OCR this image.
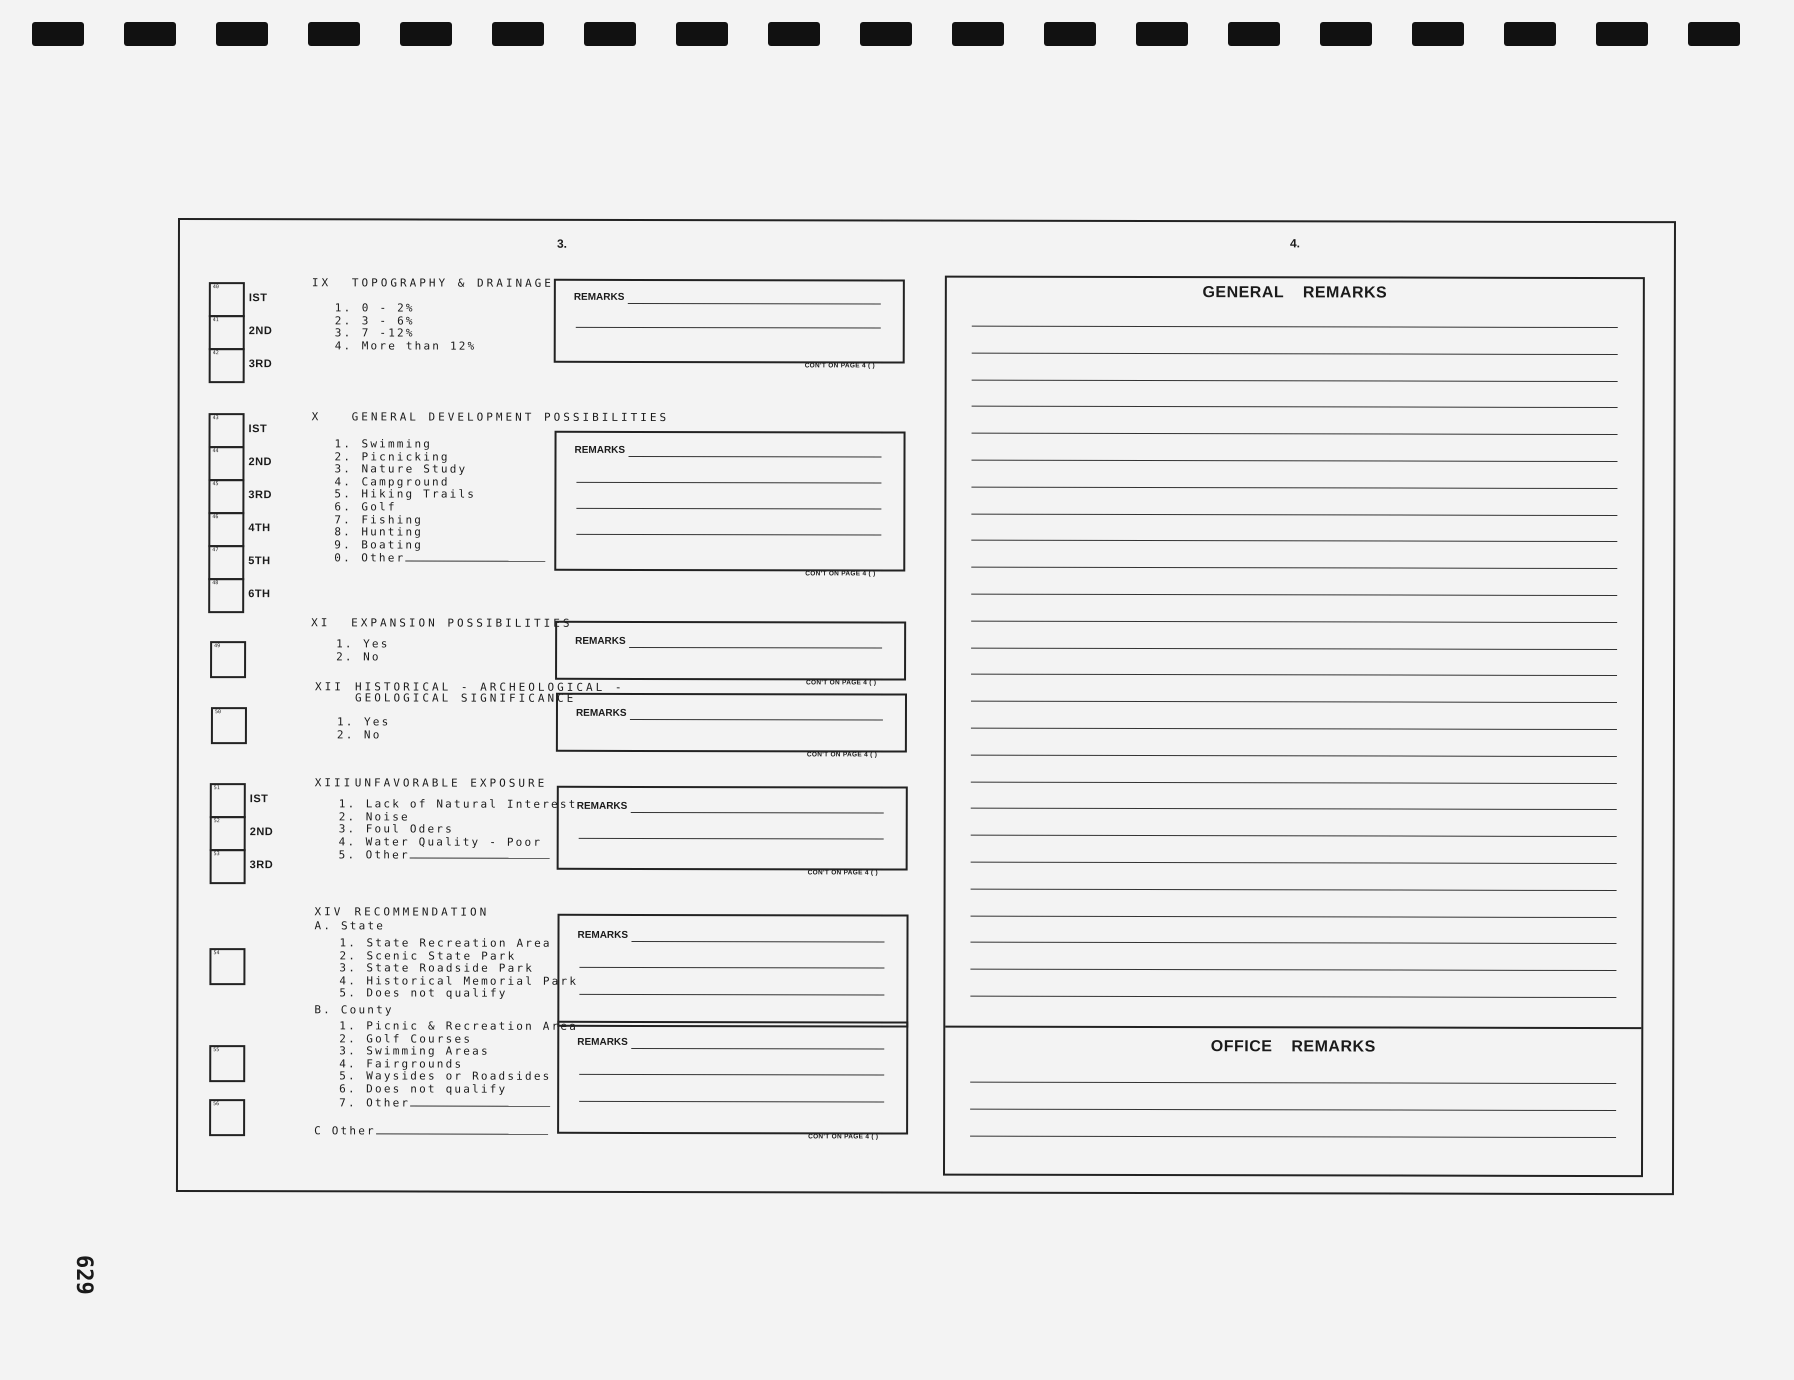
629
3.	4.
IX TOPOGRAPHY & DRAINAGE
1. 0 - 2%
2. 3 - 6%
3. 7 -12%
4. More than 12%
40
IST
41
2ND
42
3RD
X	GENERAL DEVELOPMENT POSSIBILITIES
1. Swimming
2. Picnicking
3. Nature Study
4. Campground
5. Hiking Trails
6. Golf
7. Fishing
8. Hunting
9. Boating
0. Other
43
IST
44
2ND
45
3RD
46
4TH
47
5TH
48
6TH
XI EXPANSION POSSIBILITIES
1. Yes
2. No
49
XII HISTORICAL - ARCHEOLOGICAL -
GEOLOGICAL SIGNIFICANCE
1. Yes
2. No
50
XIIIUNFAVORABLE EXPOSURE
1. Lack of Natural Interest
2. Noise
3. Foul Oders
4. Water Quality - Poor
5. Other
51
IST
52
2ND
53
3RD
XIV RECOMMENDATION
A. State
1. State Recreation Area
2. Scenic State Park
3. State Roadside Park
4. Historical Memorial Park
5. Does not qualify
B. County
1. Picnic & Recreation Area
2. Golf Courses
3. Swimming Areas
4. Fairgrounds
5. Waysides or Roadsides
6. Does not qualify
7. Other
C Other
54
55
56
REMARKS
CON'T ON PAGE 4 ( )
REMARKS
CON'T ON PAGE 4 ( )
REMARKS
CON'T ON PAGE 4 ( )
REMARKS
CON'T ON PAGE 4 ( )
REMARKS
CON'T ON PAGE 4 ( )
REMARKS
REMARKS
CON'T ON PAGE 4 ( )
GENERAL REMARKS
OFFICE REMARKS
